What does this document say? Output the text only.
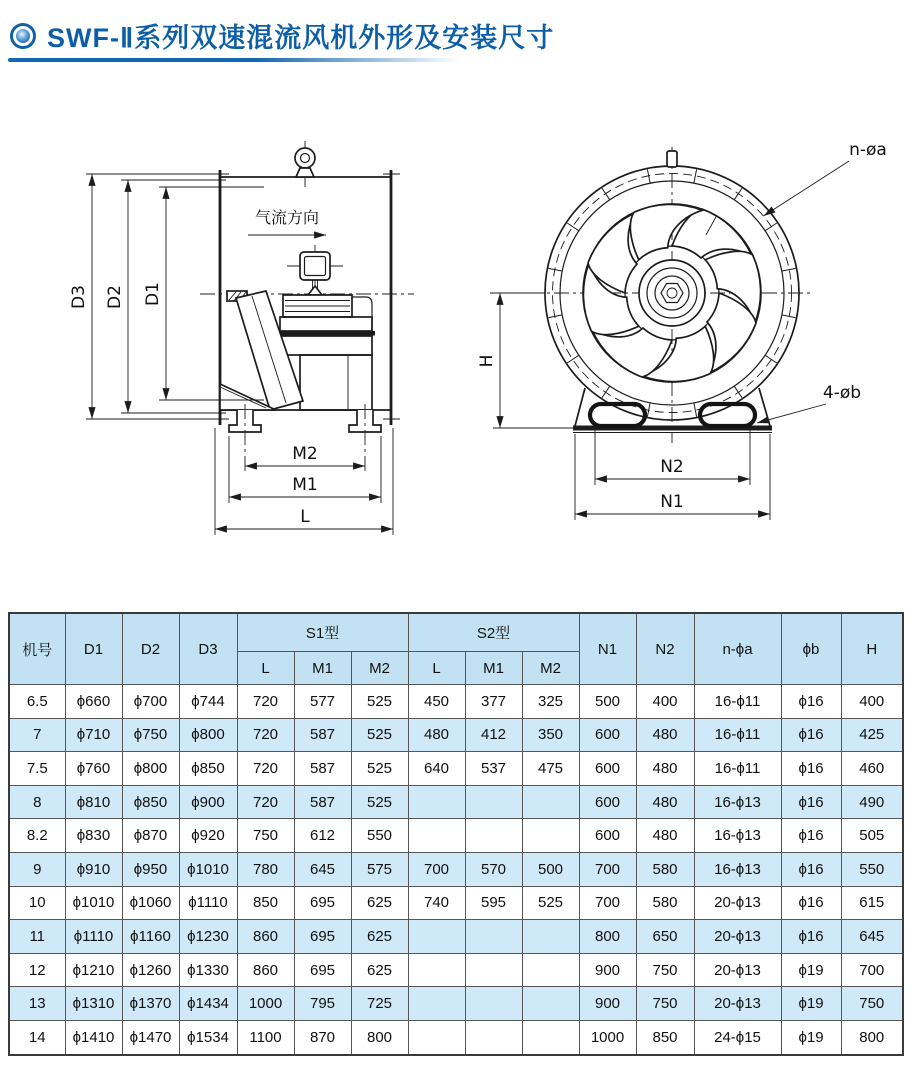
SWF-Ⅱ系列双速混流风机外形及安装尺寸
气流方向
M2
M1
L
D3 D2 D1
H
N2
N1
n-øa
4-øb
机号	D1	D2	D3	S1型			S2型			N1	N2	n-ϕa	ϕb	H
				L	M1	M2	L	M1	M2					
6.5	ϕ660	ϕ700	ϕ744	720	577	525	450	377	325	500	400	16-ϕ11	ϕ16	400
7	ϕ710	ϕ750	ϕ800	720	587	525	480	412	350	600	480	16-ϕ11	ϕ16	425
7.5	ϕ760	ϕ800	ϕ850	720	587	525	640	537	475	600	480	16-ϕ11	ϕ16	460
8	ϕ810	ϕ850	ϕ900	720	587	525				600	480	16-ϕ13	ϕ16	490
8.2	ϕ830	ϕ870	ϕ920	750	612	550				600	480	16-ϕ13	ϕ16	505
9	ϕ910	ϕ950	ϕ1010	780	645	575	700	570	500	700	580	16-ϕ13	ϕ16	550
10	ϕ1010	ϕ1060	ϕ1110	850	695	625	740	595	525	700	580	20-ϕ13	ϕ16	615
11	ϕ1110	ϕ1160	ϕ1230	860	695	625				800	650	20-ϕ13	ϕ16	645
12	ϕ1210	ϕ1260	ϕ1330	860	695	625				900	750	20-ϕ13	ϕ19	700
13	ϕ1310	ϕ1370	ϕ1434	1000	795	725				900	750	20-ϕ13	ϕ19	750
14	ϕ1410	ϕ1470	ϕ1534	1100	870	800				1000	850	24-ϕ15	ϕ19	800
